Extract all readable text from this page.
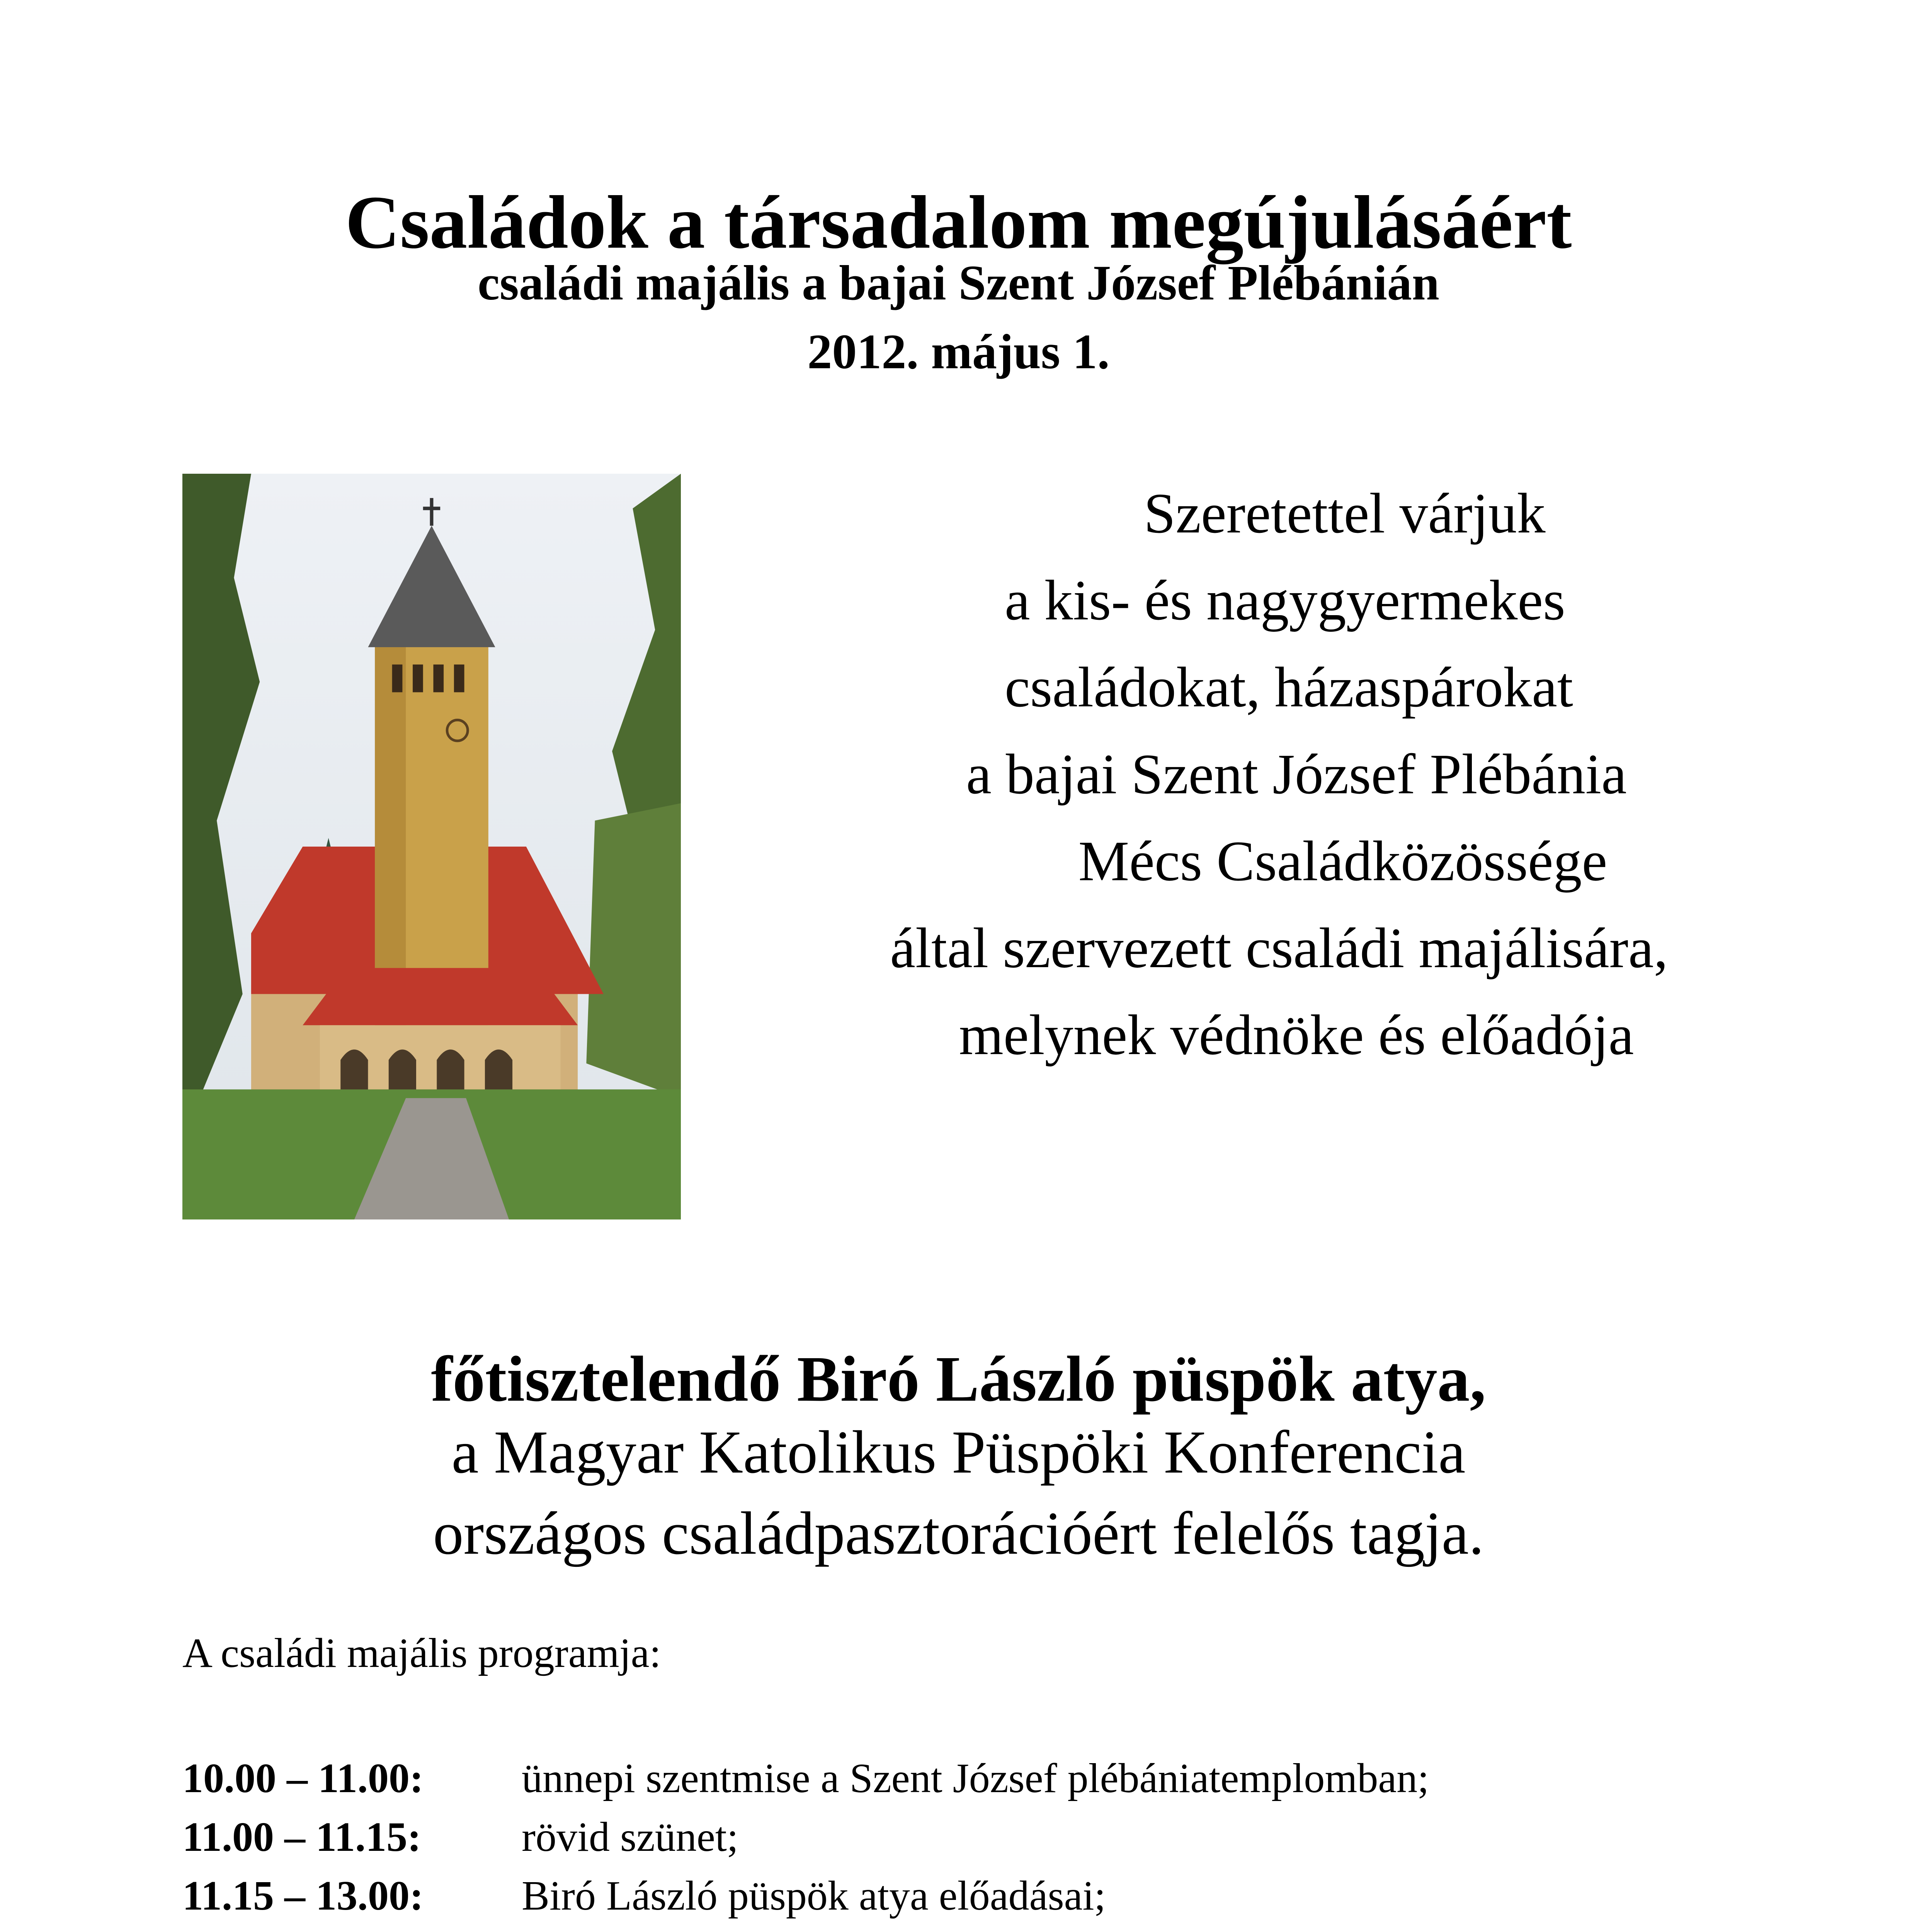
Családok a társadalom megújulásáért
családi majális a bajai Szent József Plébánián
2012. május 1.
Szeretettel várjuk
a kis- és nagygyermekes
családokat, házaspárokat
a bajai Szent József Plébánia
Mécs Családközössége
által szervezett családi majálisára,
melynek védnöke és előadója
főtisztelendő Biró László püspök atya,
a Magyar Katolikus Püspöki Konferencia
országos családpasztorációért felelős tagja.
A családi majális programja:
10.00 – 11.00: ünnepi szentmise a Szent József plébániatemplomban;
11.00 – 11.15: rövid szünet;
11.15 – 13.00: Biró László püspök atya előadásai;
